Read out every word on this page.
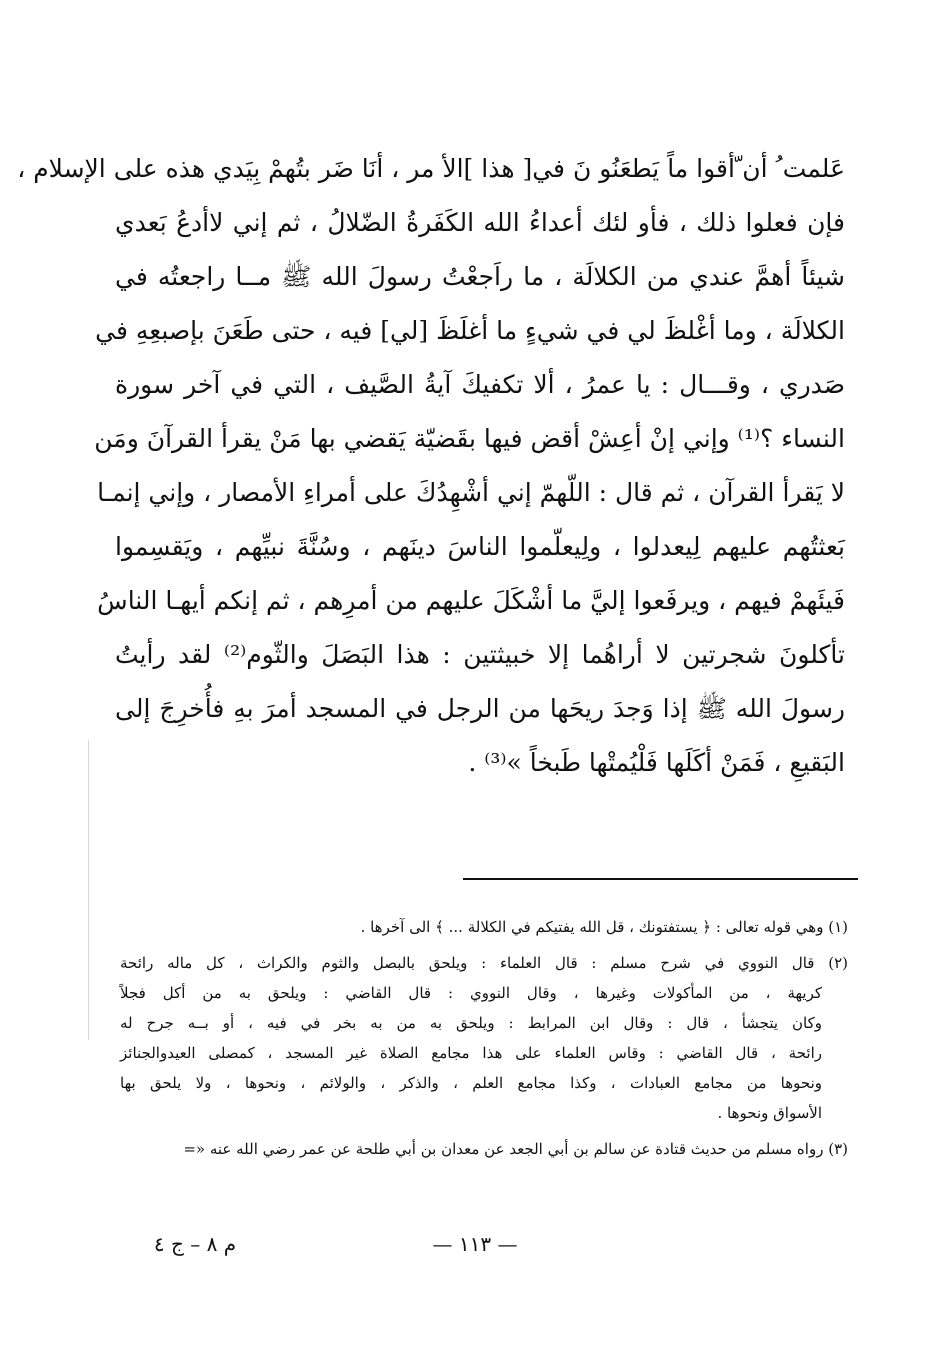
عَلمت ُ أن ّأقوا ماً يَطعَنُو نَ في[ هذا ]الأ مر ، أنَا ضَر بتُهمْ بِيَدي هذه على الإسلام ،
فإن فعلوا ذلك ، فأو لئك أعداءُ الله الكَفَرةُ الضّلالُ ، ثم إني لاأدعُ بَعدي
شيئاً أهمَّ عندي من الكلالَة ، ما راَجعْتُ رسولَ الله ﷺ مــا راجعتُه في
الكلالَة ، وما أغْلظَ لي في شيءٍ ما أغلَظَ [لي] فيه ، حتى طَعَنَ بإصبعِهِ في
صَدري ، وقـــال : يا عمرُ ، ألا تكفيكَ آيةُ الصَّيف ، التي في آخر سورة
النساء ؟⁽¹⁾ وإني إنْ أعِشْ أقض فيها بقَضيّة يَقضي بها مَنْ يقرأ القرآنَ ومَن
لا يَقرأ القرآن ، ثم قال : اللّهمّ إني أشْهِدُكَ على أمراءِ الأمصار ، وإني إنمـا
بَعثتُهم عليهم لِيعدلوا ، ولِيعلّموا الناسَ دينَهم ، وسُنَّةَ نبيِّهم ، ويَقسِموا
فَيئَهمْ فيهم ، ويرفَعوا إليَّ ما أشْكَلَ عليهم من أمرِهم ، ثم إنكم أيهـا الناسُ
تأكلونَ شجرتين لا أراهُما إلا خبيثتين : هذا البَصَلَ والثّوم⁽²⁾ لقد رأيتُ
رسولَ الله ﷺ إذا وَجدَ ريحَها من الرجل في المسجد أمرَ بهِ فأُخرِجَ إلى
البَقيعِ ، فَمَنْ أكَلَها فَلْيُمتْها طَبخاً »⁽³⁾ .
(١) وهي قوله تعالى : ﴿ يستفتونك ، قل الله يفتيكم في الكلالة ... ﴾ الى آخرها .
(٢) قال النووي في شرح مسلم : قال العلماء : ويلحق بالبصل والثوم والكراث ، كل ماله رائحة
كريهة ، من المأكولات وغيرها ، وقال النووي : قال القاضي : ويلحق به من أكل فجلاً
وكان يتجشأ ، قال : وقال ابن المرابط : ويلحق به من به بخر في فيه ، أو بــه جرح له
رائحة ، قال القاضي : وقاس العلماء على هذا مجامع الصلاة غير المسجد ، كمصلى العيدوالجنائز
ونحوها من مجامع العبادات ، وكذا مجامع العلم ، والذكر ، والولائم ، ونحوها ، ولا يلحق بها
الأسواق ونحوها .
(٣) رواه مسلم من حديث قتادة عن سالم بن أبي الجعد عن معدان بن أبي طلحة عن عمر رضي الله عنه «=
— ١١٣ —
م ٨ – ج ٤
